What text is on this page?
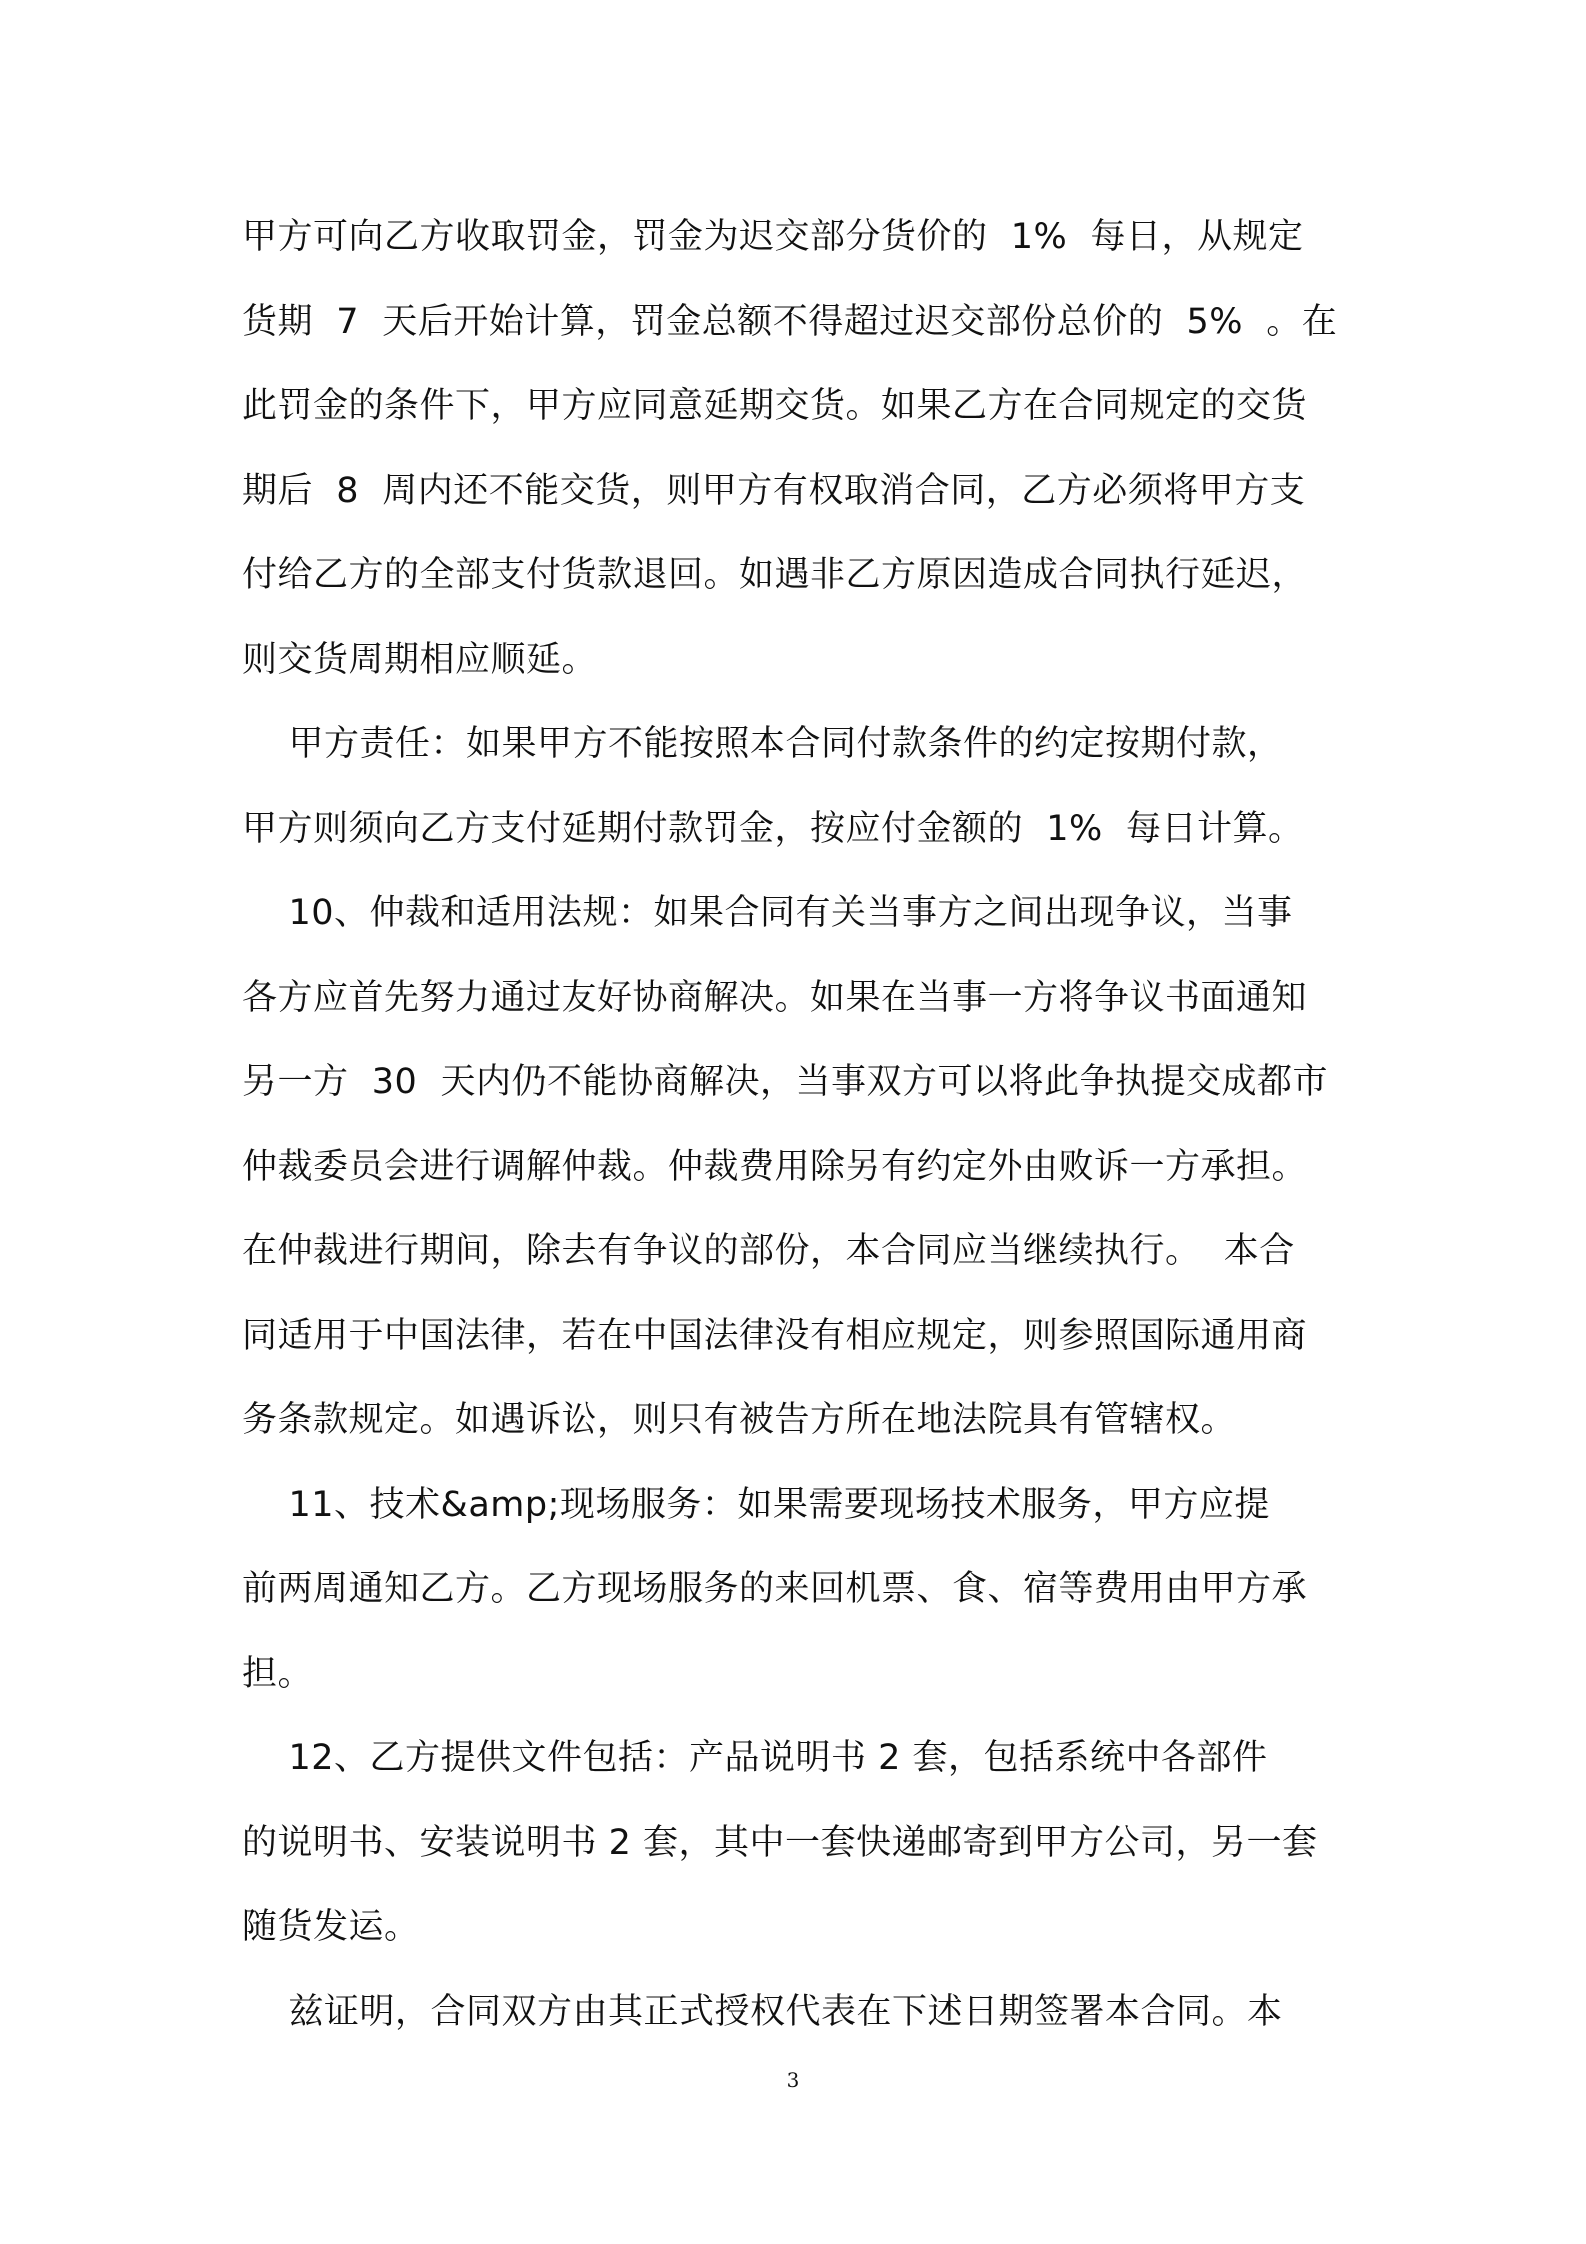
甲方可向乙方收取罚金，罚金为迟交部分货价的  1%  每日，从规定
货期  7  天后开始计算，罚金总额不得超过迟交部份总价的  5%  。在
此罚金的条件下，甲方应同意延期交货。如果乙方在合同规定的交货
期后  8  周内还不能交货，则甲方有权取消合同，乙方必须将甲方支
付给乙方的全部支付货款退回。如遇非乙方原因造成合同执行延迟，
则交货周期相应顺延。
甲方责任：如果甲方不能按照本合同付款条件的约定按期付款，
甲方则须向乙方支付延期付款罚金，按应付金额的  1%  每日计算。
10、仲裁和适用法规：如果合同有关当事方之间出现争议，当事
各方应首先努力通过友好协商解决。如果在当事一方将争议书面通知
另一方  30  天内仍不能协商解决，当事双方可以将此争执提交成都市
仲裁委员会进行调解仲裁。仲裁费用除另有约定外由败诉一方承担。
在仲裁进行期间，除去有争议的部份，本合同应当继续执行。  本合
同适用于中国法律，若在中国法律没有相应规定，则参照国际通用商
务条款规定。如遇诉讼，则只有被告方所在地法院具有管辖权。
11、技术&amp;现场服务：如果需要现场技术服务，甲方应提
前两周通知乙方。乙方现场服务的来回机票、食、宿等费用由甲方承
担。
12、乙方提供文件包括：产品说明书 2 套，包括系统中各部件
的说明书、安装说明书 2 套，其中一套快递邮寄到甲方公司，另一套
随货发运。
兹证明，合同双方由其正式授权代表在下述日期签署本合同。本
3
